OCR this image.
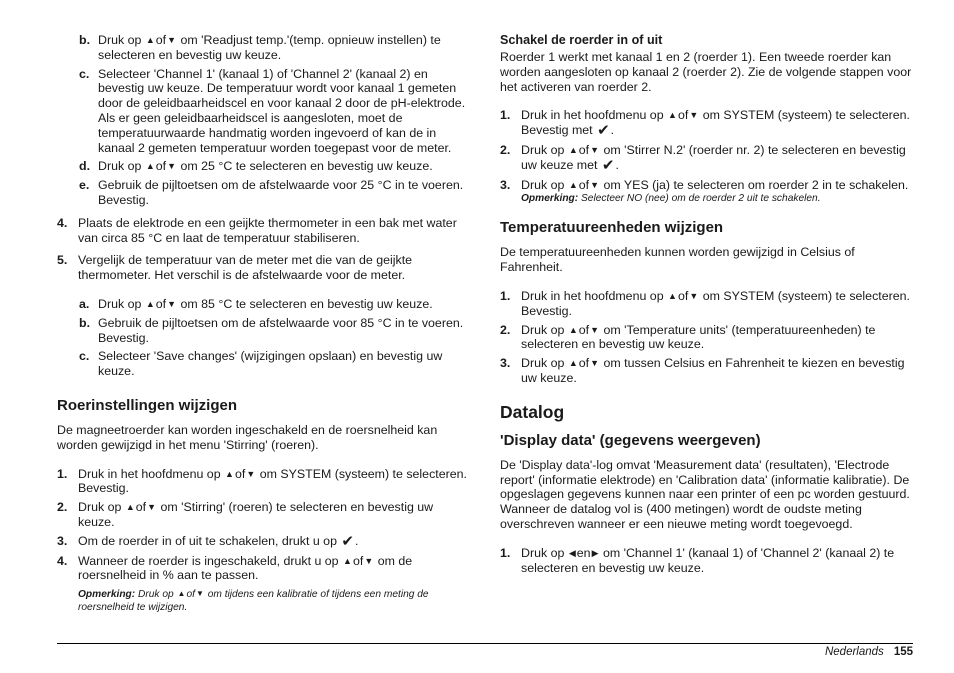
b. Druk op ▲of▼ om 'Readjust temp.'(temp. opnieuw instellen) te selecteren en bevestig uw keuze.
c. Selecteer 'Channel 1' (kanaal 1) of 'Channel 2' (kanaal 2) en bevestig uw keuze. De temperatuur wordt voor kanaal 1 gemeten door de geleidbaarheidscel en voor kanaal 2 door de pH-elektrode. Als er geen geleidbaarheidscel is aangesloten, moet de temperatuurwaarde handmatig worden ingevoerd of kan de in kanaal 2 gemeten temperatuur worden toegepast voor de meter.
d. Druk op ▲of▼ om 25 °C te selecteren en bevestig uw keuze.
e. Gebruik de pijltoetsen om de afstelwaarde voor 25 °C in te voeren. Bevestig.
4. Plaats de elektrode en een geijkte thermometer in een bak met water van circa 85 °C en laat de temperatuur stabiliseren.
5. Vergelijk de temperatuur van de meter met die van de geijkte thermometer. Het verschil is de afstelwaarde voor de meter.
a. Druk op ▲of▼ om 85 °C te selecteren en bevestig uw keuze.
b. Gebruik de pijltoetsen om de afstelwaarde voor 85 °C in te voeren. Bevestig.
c. Selecteer 'Save changes' (wijzigingen opslaan) en bevestig uw keuze.
Roerinstellingen wijzigen

De magneetroerder kan worden ingeschakeld en de roersnelheid kan worden gewijzigd in het menu 'Stirring' (roeren).

1. Druk in het hoofdmenu op ▲of▼ om SYSTEM (systeem) te selecteren. Bevestig.
2. Druk op ▲of▼ om 'Stirring' (roeren) te selecteren en bevestig uw keuze.
3. Om de roerder in of uit te schakelen, drukt u op ✔.
4. Wanneer de roerder is ingeschakeld, drukt u op ▲of▼ om de roersnelheid in % aan te passen.
Opmerking: Druk op ▲of▼ om tijdens een kalibratie of tijdens een meting de roersnelheid te wijzigen.
Schakel de roerder in of uit

Roerder 1 werkt met kanaal 1 en 2 (roerder 1). Een tweede roerder kan worden aangesloten op kanaal 2 (roerder 2). Zie de volgende stappen voor het activeren van roerder 2.

1. Druk in het hoofdmenu op ▲of▼ om SYSTEM (systeem) te selecteren. Bevestig met ✔.
2. Druk op ▲of▼ om 'Stirrer N.2' (roerder nr. 2) te selecteren en bevestig uw keuze met ✔.
3. Druk op ▲of▼ om YES (ja) te selecteren om roerder 2 in te schakelen.
Opmerking: Selecteer NO (nee) om de roerder 2 uit te schakelen.
Temperatuureenheden wijzigen

De temperatuureenheden kunnen worden gewijzigd in Celsius of Fahrenheit.

1. Druk in het hoofdmenu op ▲of▼ om SYSTEM (systeem) te selecteren. Bevestig.
2. Druk op ▲of▼ om 'Temperature units' (temperatuureenheden) te selecteren en bevestig uw keuze.
3. Druk op ▲of▼ om tussen Celsius en Fahrenheit te kiezen en bevestig uw keuze.
Datalog
'Display data' (gegevens weergeven)

De 'Display data'-log omvat 'Measurement data' (resultaten), 'Electrode report' (informatie elektrode) en 'Calibration data' (informatie kalibratie). De opgeslagen gegevens kunnen naar een printer of een pc worden gestuurd. Wanneer de datalog vol is (400 metingen) wordt de oudste meting overschreven wanneer er een nieuwe meting wordt toegevoegd.

1. Druk op ◀en▶ om 'Channel 1' (kanaal 1) of 'Channel 2' (kanaal 2) te selecteren en bevestig uw keuze.
Nederlands 155
